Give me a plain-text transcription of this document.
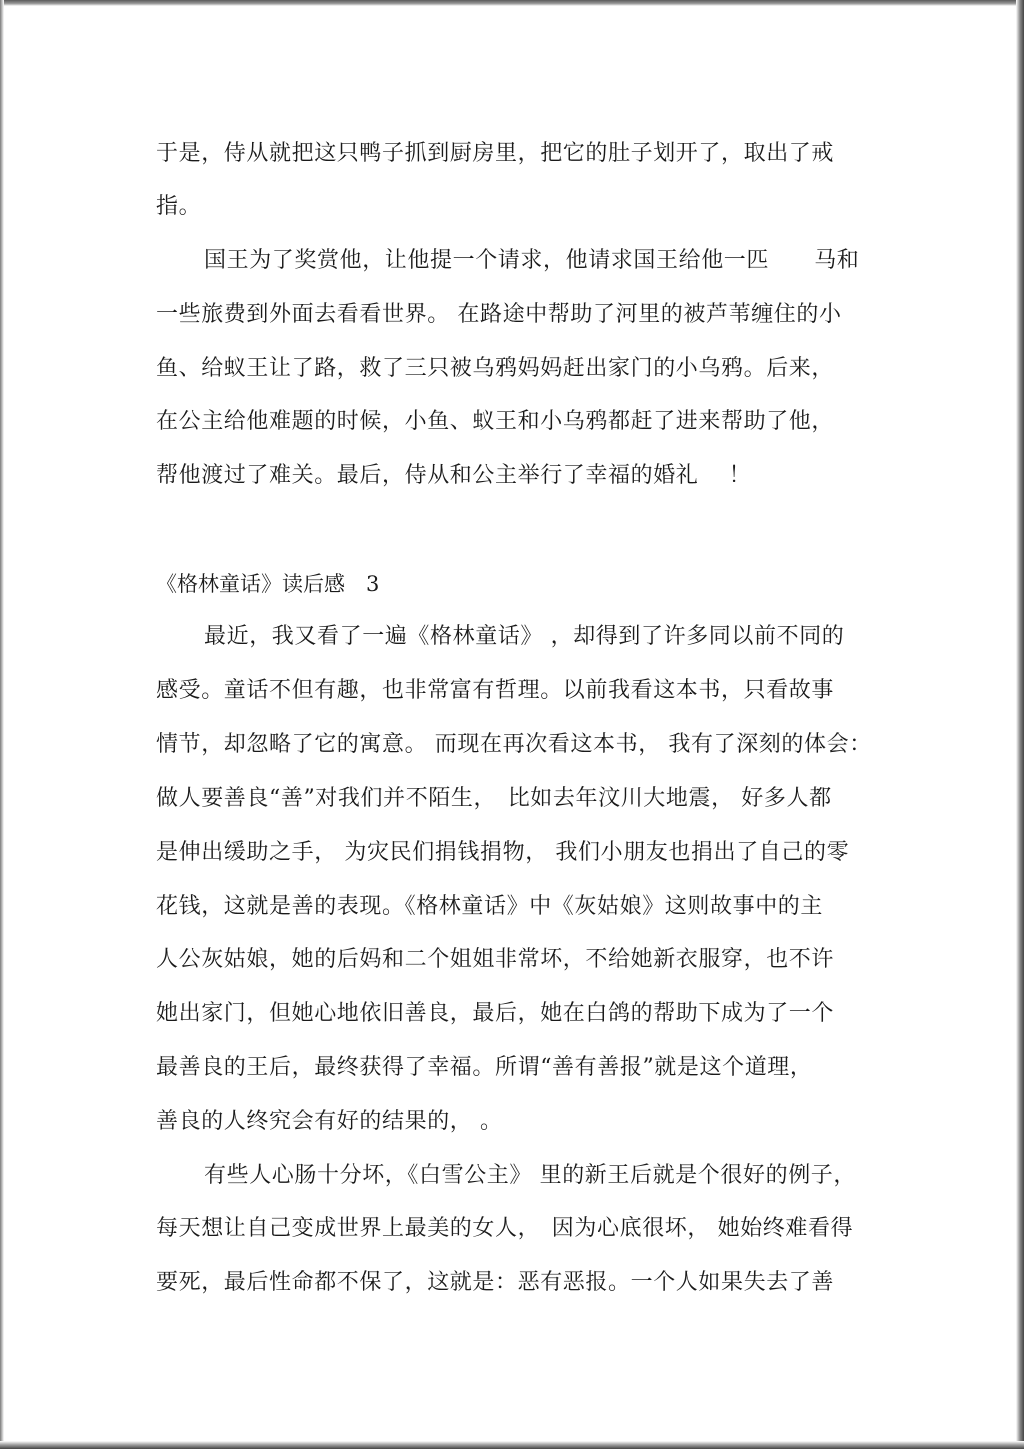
于是，侍从就把这只鸭子抓到厨房里，把它的肚子划开了，取出了戒
指。
国王为了奖赏他，让他提一个请求，他请求国王给他一匹　　马和
一些旅费到外面去看看世界。 在路途中帮助了河里的被芦苇缠住的小
鱼、给蚁王让了路，救了三只被乌鸦妈妈赶出家门的小乌鸦。后来，
在公主给他难题的时候，小鱼、蚁王和小乌鸦都赶了进来帮助了他，
帮他渡过了难关。最后，侍从和公主举行了幸福的婚礼　 ！
《格林童话》读后感　3
最近，我又看了一遍《格林童话》 ，却得到了许多同以前不同的
感受。童话不但有趣，也非常富有哲理。以前我看这本书，只看故事
情节，却忽略了它的寓意。 而现在再次看这本书， 我有了深刻的体会：
做人要善良“善”对我们并不陌生，　比如去年汶川大地震， 好多人都
是伸出缓助之手， 为灾民们捐钱捐物， 我们小朋友也捐出了自己的零
花钱，这就是善的表现。《格林童话》中《灰姑娘》这则故事中的主
人公灰姑娘，她的后妈和二个姐姐非常坏，不给她新衣服穿，也不许
她出家门，但她心地依旧善良，最后，她在白鸽的帮助下成为了一个
最善良的王后，最终获得了幸福。所谓“善有善报”就是这个道理，
善良的人终究会有好的结果的， 。
有些人心肠十分坏，《白雪公主》 里的新王后就是个很好的例子，
每天想让自己变成世界上最美的女人，　因为心底很坏， 她始终难看得
要死，最后性命都不保了，这就是：恶有恶报。一个人如果失去了善
